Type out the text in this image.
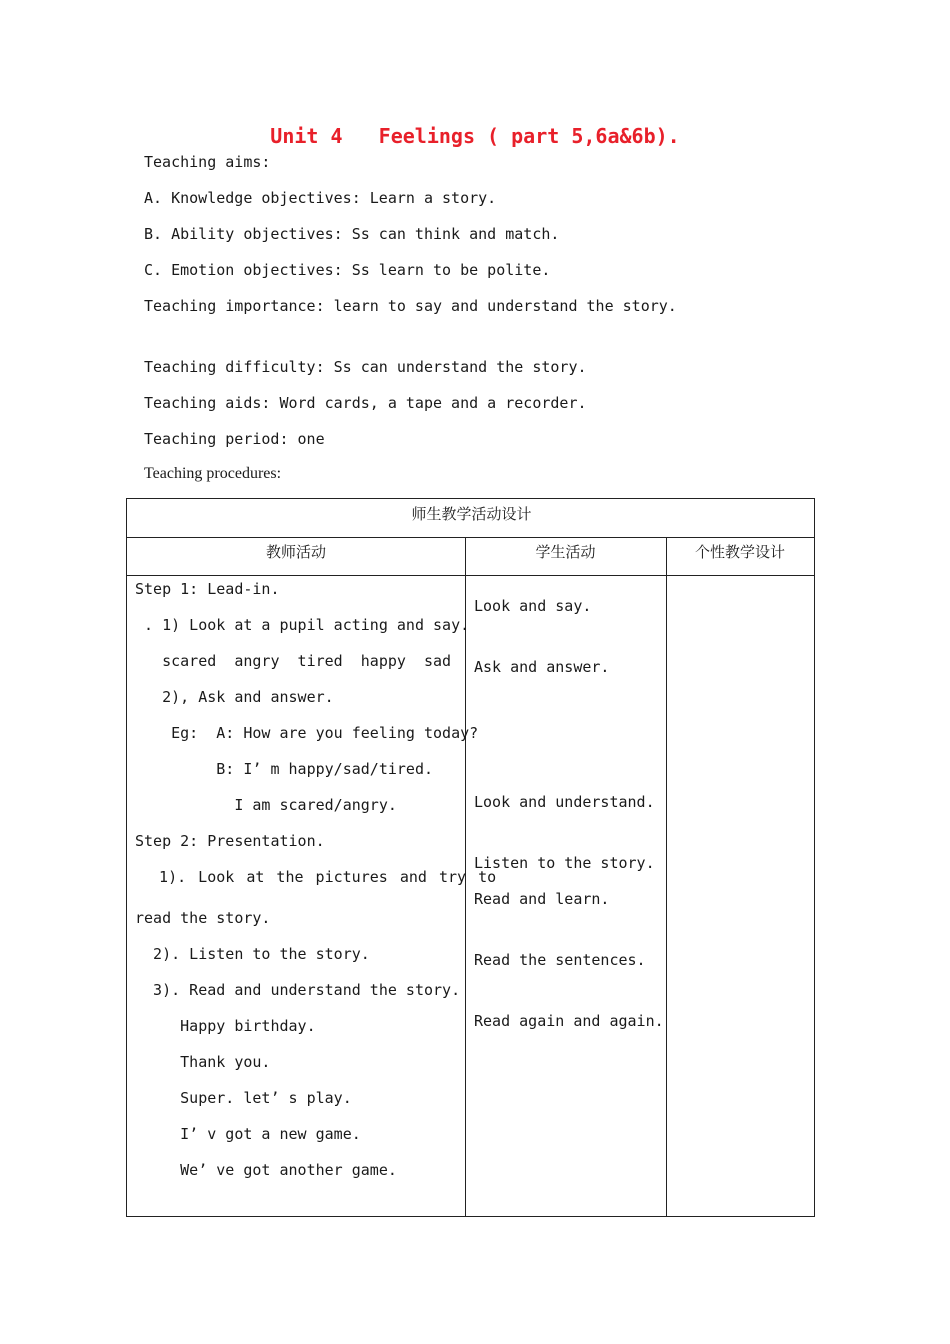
Unit 4   Feelings ( part 5,6a&6b).
Teaching aims:
A. Knowledge objectives: Learn a story.
B. Ability objectives: Ss can think and match.
C. Emotion objectives: Ss learn to be polite.
Teaching importance: learn to say and understand the story.
Teaching difficulty: Ss can understand the story.
Teaching aids: Word cards, a tape and a recorder.
Teaching period: one
Teaching procedures:
师生教学活动设计
教师活动	学生活动	个性教学设计
Step 1: Lead-in.
. 1) Look at a pupil acting and say.
scared  angry  tired  happy  sad
2), Ask and answer.
Eg:  A: How are you feeling today?
B: I’ m happy/sad/tired.
I am scared/angry.
Step 2: Presentation.
1). Look at the pictures and try to
read the story.
2). Listen to the story.
3). Read and understand the story.
Happy birthday.
Thank you.
Super. let’ s play.
I’ v got a new game.
We’ ve got another game.
Look and say.
Ask and answer.
Look and understand.
Listen to the story.
Read and learn.
Read the sentences.
Read again and again.
